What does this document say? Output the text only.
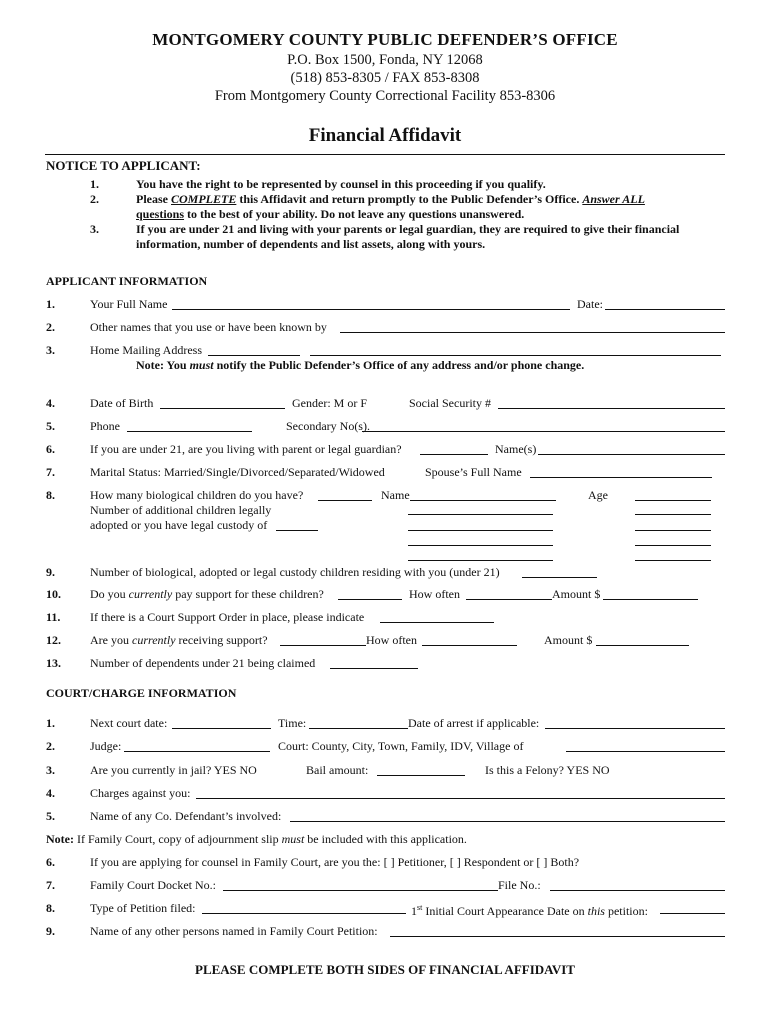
MONTGOMERY COUNTY PUBLIC DEFENDER’S OFFICE
P.O. Box 1500, Fonda, NY 12068
(518) 853-8305 / FAX 853-8308
From Montgomery County Correctional Facility 853-8306
Financial Affidavit
NOTICE TO APPLICANT:
1.	You have the right to be represented by counsel in this proceeding if you qualify.
2.	Please COMPLETE this Affidavit and return promptly to the Public Defender’s Office. Answer ALL
questions to the best of your ability. Do not leave any questions unanswered.
3.	If you are under 21 and living with your parents or legal guardian, they are required to give their financial
information, number of dependents and list assets, along with yours.
APPLICANT INFORMATION
1.	Your Full Name	Date:
2.	Other names that you use or have been known by
3.	Home Mailing Address
Note: You must notify the Public Defender’s Office of any address and/or phone change.
4.	Date of Birth	Gender: M or F	Social Security #
5.	Phone	Secondary No(s).
6.	If you are under 21, are you living with parent or legal guardian?	Name(s)
7.	Marital Status: Married/Single/Divorced/Separated/Widowed	Spouse’s Full Name
8.	How many biological children do you have?	Name	Age
Number of additional children legally
adopted or you have legal custody of
9.	Number of biological, adopted or legal custody children residing with you (under 21)
10.	Do you currently pay support for these children?	How often	Amount $
11.	If there is a Court Support Order in place, please indicate
12.	Are you currently receiving support?	How often	Amount $
13.	Number of dependents under 21 being claimed
COURT/CHARGE INFORMATION
1.	Next court date:	Time:	Date of arrest if applicable:
2.	Judge:	Court: County, City, Town, Family, IDV, Village of
3.	Are you currently in jail? YES NO	Bail amount:	Is this a Felony? YES NO
4.	Charges against you:
5.	Name of any Co. Defendant’s involved:
Note: If Family Court, copy of adjournment slip must be included with this application.
6.	If you are applying for counsel in Family Court, are you the: [ ] Petitioner, [ ] Respondent or [ ] Both?
7.	Family Court Docket No.:	File No.:
8.	Type of Petition filed:	1st Initial Court Appearance Date on this petition:
9.	Name of any other persons named in Family Court Petition:
PLEASE COMPLETE BOTH SIDES OF FINANCIAL AFFIDAVIT
